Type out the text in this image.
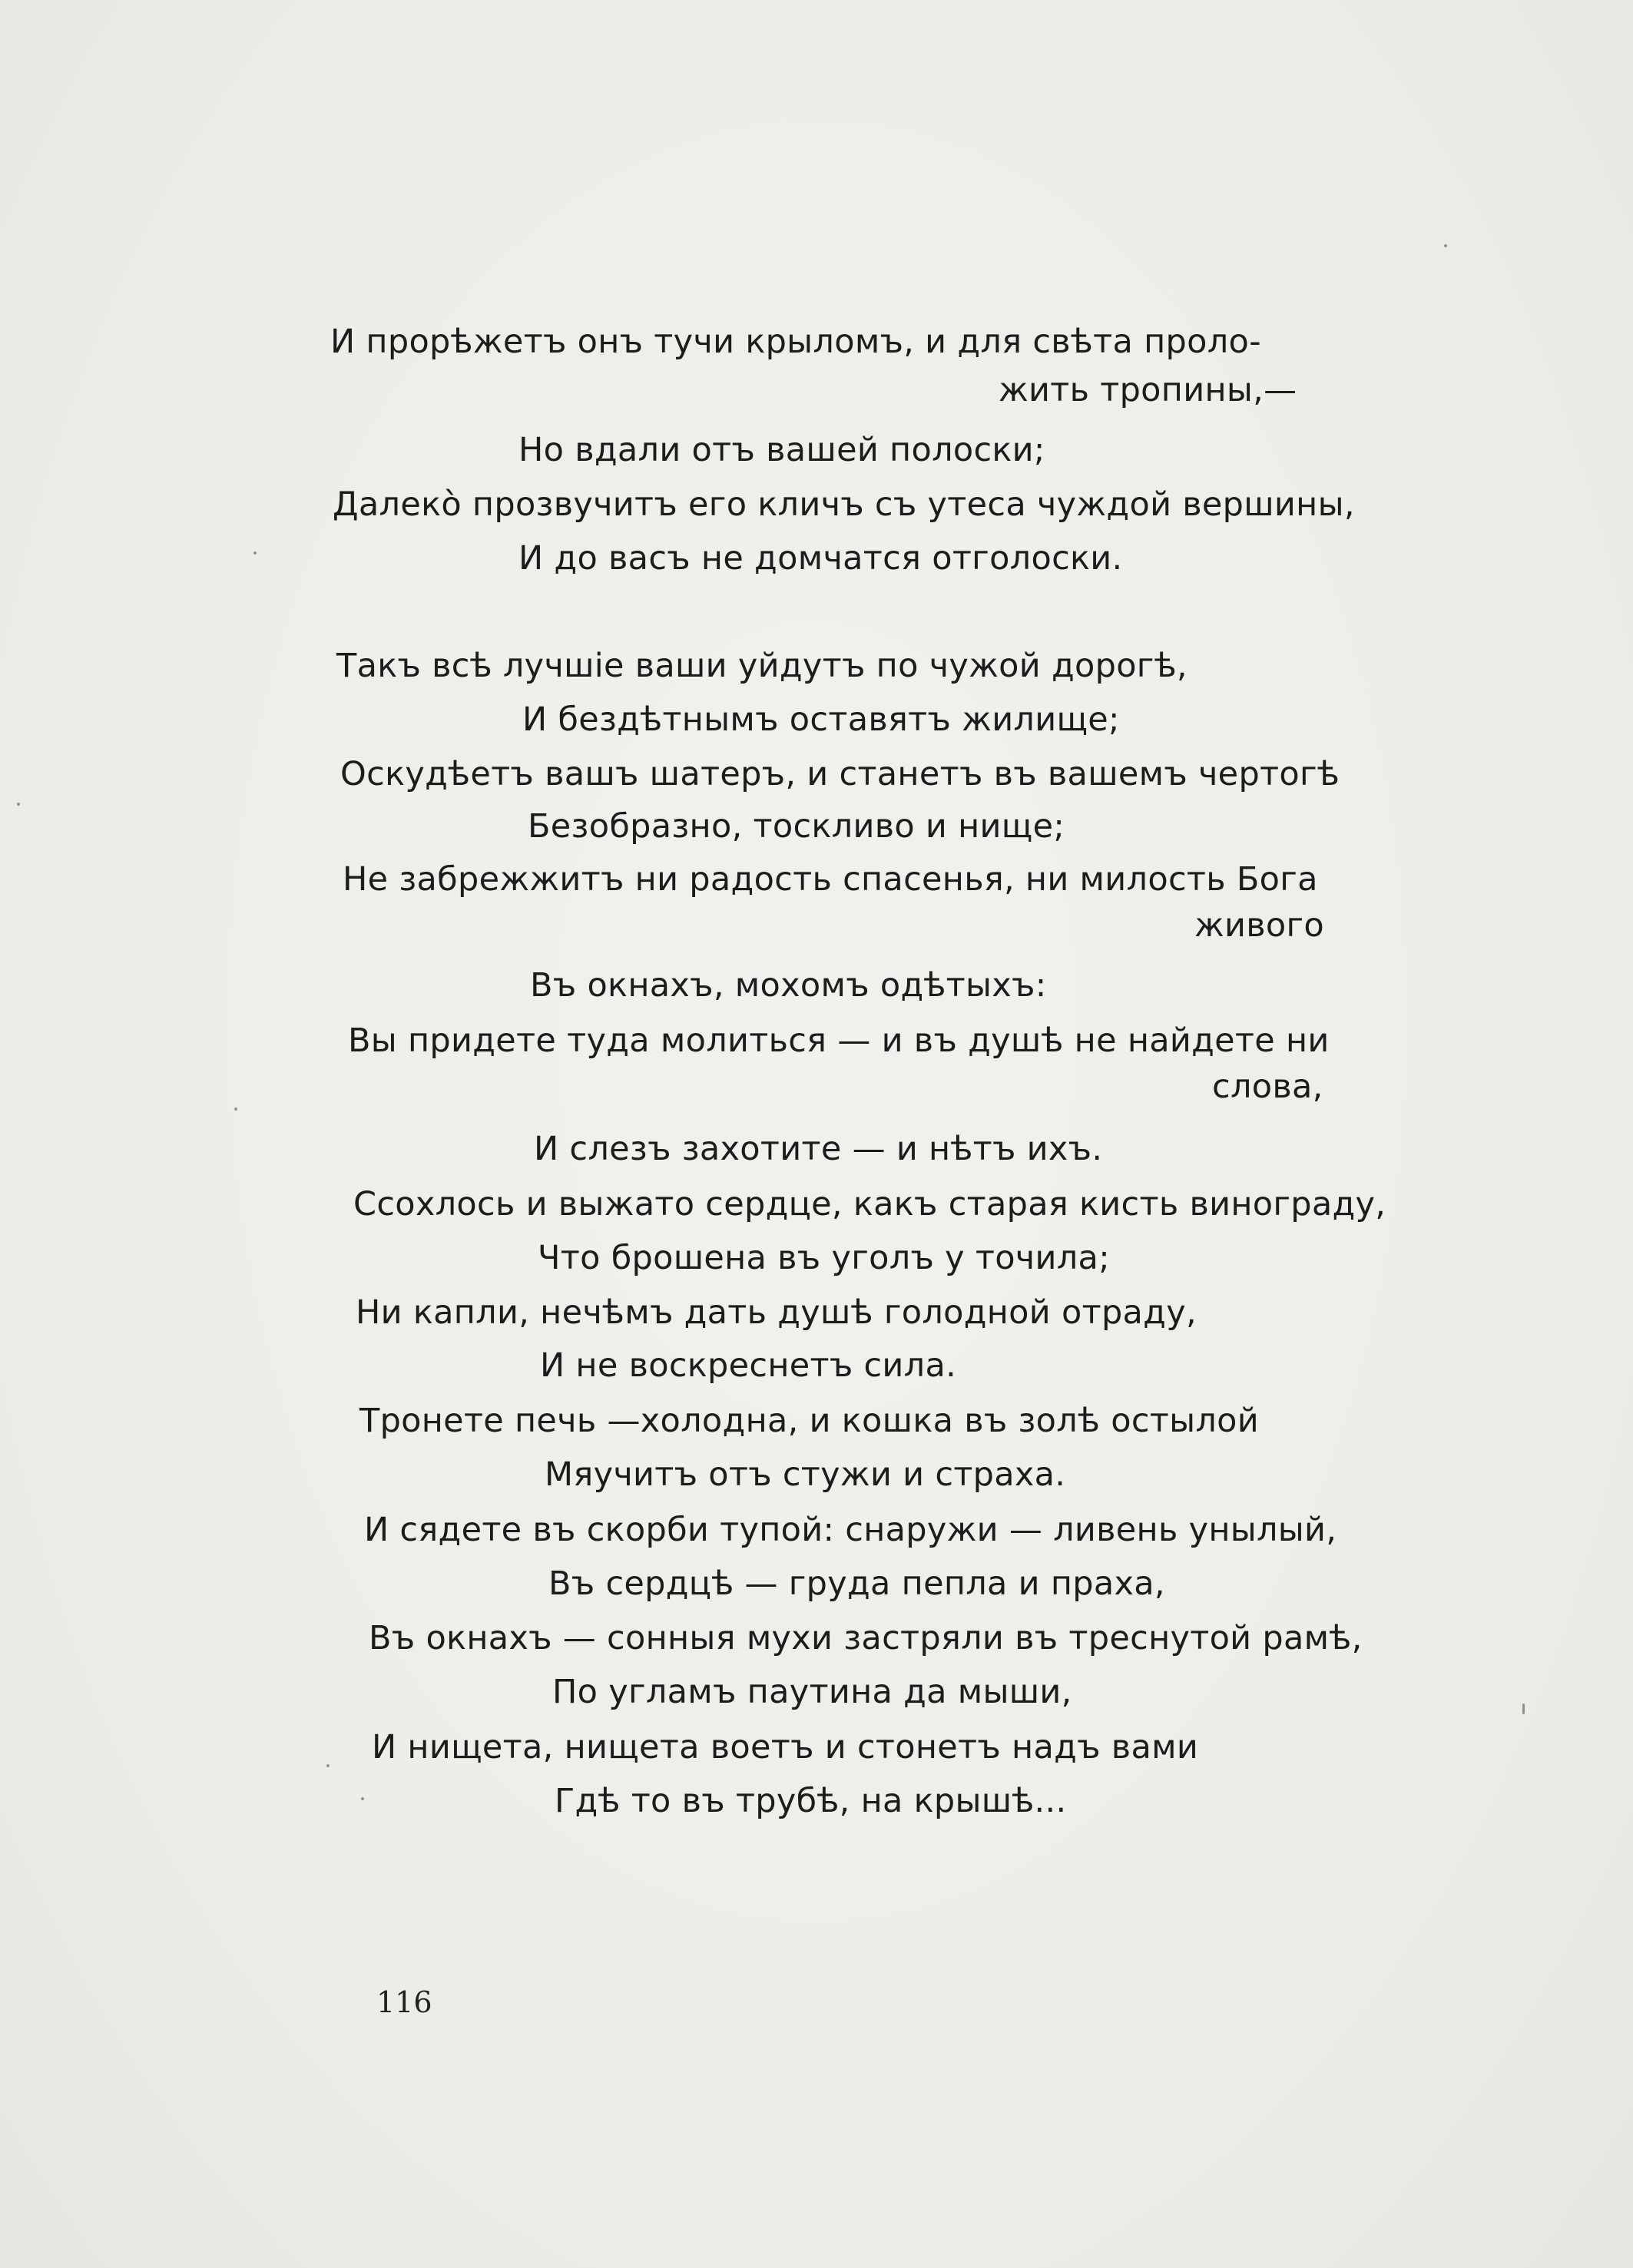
И прорѣжетъ онъ тучи крыломъ, и для свѣта проло-
жить тропины,—
Но вдали отъ вашей полоски;
Далекò прозвучитъ его кличъ съ утеса чуждой вершины,
И до васъ не домчатся отголоски.
Такъ всѣ лучшiе ваши уйдутъ по чужой дорогѣ,
И бездѣтнымъ оставятъ жилище;
Оскудѣетъ вашъ шатеръ, и станетъ въ вашемъ чертогѣ
Безобразно, тоскливо и нище;
Не забрежжитъ ни радость спасенья, ни милость Бога
живого
Въ окнахъ, мохомъ одѣтыхъ:
Вы придете туда молиться — и въ душѣ не найдете ни
слова,
И слезъ захотите — и нѣтъ ихъ.
Ссохлось и выжато сердце, какъ старая кисть винограду,
Что брошена въ уголъ у точила;
Ни капли, нечѣмъ дать душѣ голодной отраду,
И не воскреснетъ сила.
Тронете печь —холодна, и кошка въ золѣ остылой
Мяучитъ отъ стужи и страха.
И сядете въ скорби тупой: снаружи — ливень унылый,
Въ сердцѣ — груда пепла и праха,
Въ окнахъ — сонныя мухи застряли въ треснутой рамѣ,
По угламъ паутина да мыши,
И нищета, нищета воетъ и стонетъ надъ вами
Гдѣ то въ трубѣ, на крышѣ...
116
